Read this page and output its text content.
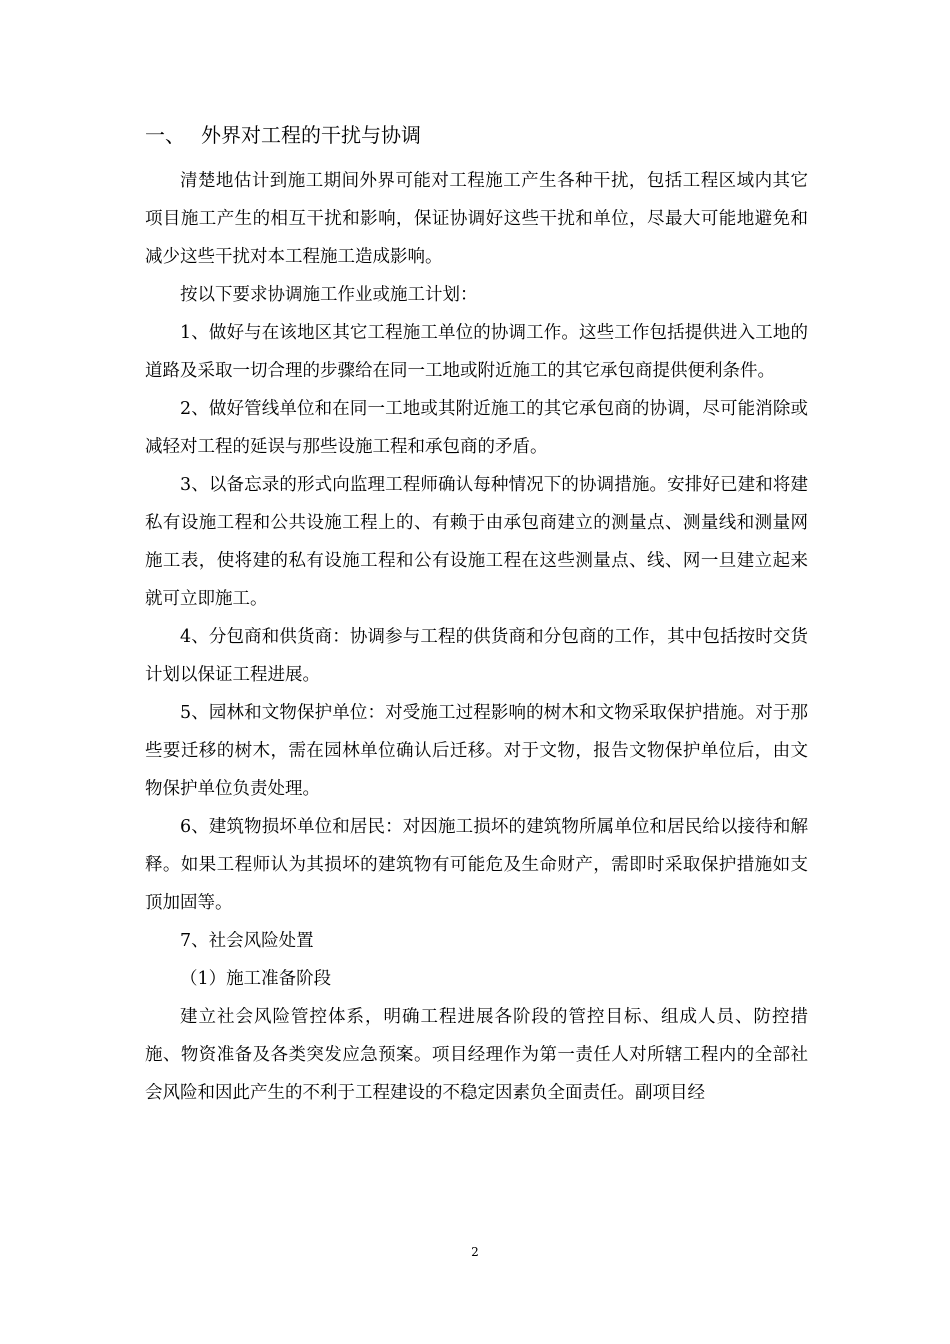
一、 外界对工程的干扰与协调

清楚地估计到施工期间外界可能对工程施工产生各种干扰，包括工程区域内其它项目施工产生的相互干扰和影响，保证协调好这些干扰和单位，尽最大可能地避免和减少这些干扰对本工程施工造成影响。

按以下要求协调施工作业或施工计划：

1、做好与在该地区其它工程施工单位的协调工作。这些工作包括提供进入工地的道路及采取一切合理的步骤给在同一工地或附近施工的其它承包商提供便利条件。

2、做好管线单位和在同一工地或其附近施工的其它承包商的协调，尽可能消除或减轻对工程的延误与那些设施工程和承包商的矛盾。

3、以备忘录的形式向监理工程师确认每种情况下的协调措施。安排好已建和将建私有设施工程和公共设施工程上的、有赖于由承包商建立的测量点、测量线和测量网施工表，使将建的私有设施工程和公有设施工程在这些测量点、线、网一旦建立起来就可立即施工。

4、分包商和供货商：协调参与工程的供货商和分包商的工作，其中包括按时交货计划以保证工程进展。

5、园林和文物保护单位：对受施工过程影响的树木和文物采取保护措施。对于那些要迁移的树木，需在园林单位确认后迁移。对于文物，报告文物保护单位后，由文物保护单位负责处理。

6、建筑物损坏单位和居民：对因施工损坏的建筑物所属单位和居民给以接待和解释。如果工程师认为其损坏的建筑物有可能危及生命财产，需即时采取保护措施如支顶加固等。

7、社会风险处置

（1）施工准备阶段

建立社会风险管控体系，明确工程进展各阶段的管控目标、组成人员、防控措施、物资准备及各类突发应急预案。项目经理作为第一责任人对所辖工程内的全部社会风险和因此产生的不利于工程建设的不稳定因素负全面责任。副项目经

2
